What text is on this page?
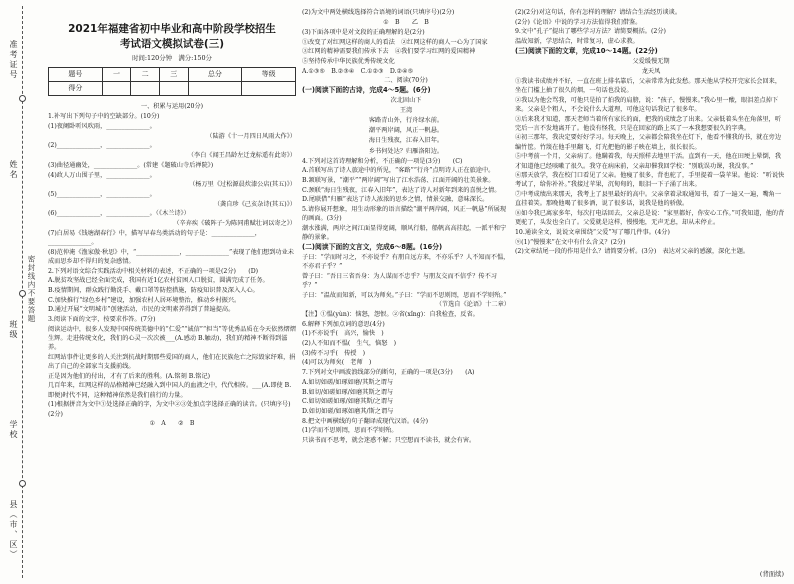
准考证号
姓名
班级
学校
县（市、区）
密封线内不要答题
2021年福建省初中毕业和高中阶段学校招生
考试语文模拟试卷(三)
时间:120分钟　满分:150分
题号	一	二	三	总分	等级
得分					
一、积累与运用(20分)
1.补写出下列句子中的空缺部分。(10分)
(1)夜阑卧听风吹雨，______________。
（陆游《十一月四日风雨大作》）
(2)______________，______________。
（李白《闻王昌龄左迁龙标遥有此寄》）
(3)曲径通幽处，______________。(常建《题破山寺后禅院》)
(4)政人万山围子里，______________。
（杨万里《过松源晨炊漆公店(其五)》）
(5)______________，______________。
（龚自珍《己亥杂诗(其五)》）
(6)______________，______________。（《木兰诗》）
（辛弃疾《破阵子·为陈同甫赋壮词以寄之》）
(7)白居易《钱塘湖春行》中，描写早春鸟类活动的句子是：______________，______________。
(8)范仲淹《渔家傲·秋思》中，“______________，______________”表现了他们想到功业未成而思乡却不得归的复杂感情。
2.下列对语文综合实践活动中相关材料的表述，不正确的一项是(2分)　　(D)
A.脱贫攻坚战已经全面完成，我国有近1亿农村贫困人口脱贫，圆满完成了任务。
B.疫情期间，群众践行勤洗手、戴口罩等防控措施，防疫知识普及深入人心。
C.加快推行“绿色乡村”建设，加强农村人居环境整治，推动乡村振兴。
D.通过开展“文明城市”创建活动，市民的文明素养得到了普遍提高。
3.阅读下面的文字，按要求作答。(7分)
阅读运动中，很多人发现中国传统美德中的“仁爱”“诚信”“担当”等优秀品质在今天依然熠熠生辉。走进传统文化，我们的心灵一次次被___(A.感动 B.触动)，我们的精神不断得到滋养。
红网站事件让更多的人关注到抗战时期那些爱国的商人，他们在民族危亡之际毁家纾难，捐出了自己的全部家当支援前线。
正是因为他们的付出，才有了后来的胜利。(A.铭刻 B.铭记)
几百年来，红网这样的品格精神已经融入到中国人的血液之中，代代相传。___(A.即使 B.即便)时代不同，这种精神依然是我们前行的力量。
(1)根据拼音为文中①处选择正确的字，为文中②③处加点字选择正确的读音。(只填序号)(2分)
①　A　　②　B
(2)为文中两处横线选择符合语境的词语(只填序号)(2分)
①　B　　乙　B
(3)下面各项中是对文段的正确理解的是(2分)
①改变了对红网这样的商人的看法　②红网这样的商人一心为了国家
③红网的精神需要我们传承下去　④我们要学习红网的爱国精神
⑤坚持传承中华民族优秀传统文化
A.①③⑤　B.②③④　C.①②③　D.②④⑤
二、阅读(70分)
(一)阅读下面的古诗，完成4～5题。(6分)
次北固山下
王湾
客路青山外，行舟绿水前。
潮平两岸阔，风正一帆悬。
海日生残夜，江春入旧年。
乡书何处达？归雁洛阳边。
4.下列对这首诗理解和分析，不正确的一项是(3分)　　(C)
A.首联写出了诗人旅途中的所见，“客路”“行舟”点明诗人正在旅途中。
B.颔联写景，“潮平”“两岸阔”写出了江水浩荡、江面开阔的壮美景象。
C.颈联“海日生残夜，江春入旧年”，表达了诗人对新年到来的喜悦之情。
D.尾联借“归雁”表达了诗人浓浓的思乡之情，情景交融，意味深长。
5.请你展开想象，用生动形象的语言描绘“潮平两岸阔，风正一帆悬”所展现的画面。(3分)
潮水涨满，两岸之间江面显得宽阔，顺风行船，船帆高高挂起，一派平和宁静的景象。
(二)阅读下面的文言文，完成6～8题。(16分)
子曰：“学而时习之，不亦说乎？有朋自远方来，不亦乐乎？人不知而不愠，不亦君子乎？”
曾子曰：“吾日三省吾身：为人谋而不忠乎？与朋友交而不信乎？传不习乎？”
子曰：“温故而知新，可以为师矣。”子曰：“学而不思则罔，思而不学则殆。”
（节选自《论语》十二章）
【注】①愠(yùn)：恼怒，怨恨。②省(xǐng)：自我检查，反省。
6.解释下列加点词的意思(4分)
(1)不亦说乎(　高兴，愉快　)
(2)人不知而不愠(　生气，恼怒　)
(3)传不习乎(　传授　)
(4)可以为师矣(　老师　)
7.下列对文中画波浪线部分的断句，正确的一项是(3分)　　(A)
A.如切如磋/如琢如磨/其斯之谓与
B.如切/如磋如琢/如磨其斯之谓与
C.如切如磋如琢/如磨其斯/之谓与
D.如切如磋/如琢如磨其/斯之谓与
8.把文中画横线的句子翻译成现代汉语。(4分)
(1)学而不思则罔，思而不学则殆。
只读书而不思考，就会迷惑不解；只空想而不读书，就会有害。
(2)(2分)对这句话，你有怎样的理解？请结合生活经历谈谈。
(2分)《论语》中说的学习方法值得我们借鉴。
9.文中“孔子”提出了哪些学习方法？请简要概括。(2分)
温故知新，学思结合，时常复习，虚心求教。
(三)阅读下面的文章，完成10～14题。(22分)
父爱缓慢无期
龙天凤
①我读书成绩并不好，一直在班上排名靠后，父亲常常为此发愁。那天他从学校开完家长会回来，坐在门槛上抽了很久的烟，一句话也没说。
②我以为他会骂我，可他只是拍了拍我的肩膀，说：“孩子，慢慢来。”我心里一酸，眼泪差点掉下来。父亲是个粗人，不会说什么大道理，可他这句话我记了很多年。
③后来我才知道，那天老师当着所有家长的面，把我的成绩念了出来。父亲低着头坐在角落里，听完后一言不发地离开了。他没有怪我，只是在回家的路上买了一本我想要很久的字典。
④初三那年，我决定要好好学习。每天晚上，父亲都会陪我坐在灯下，他看不懂我的书，就在旁边编竹筐。竹篾在他手里翻飞，灯光把他的影子映在墙上，很长很长。
⑤中考前一个月，父亲病了。他瞒着我，每天照样去地里干活。直到有一天，他在田埂上晕倒，我才知道他已经咳嗽了很久。我守在病床前，父亲却催我回学校：“别耽误功课，我没事。”
⑥那天放学，我在校门口看见了父亲。他瘦了很多，背也驼了，手里提着一袋苹果。他说：“听说快考试了，给你补补。”我接过苹果，沉甸甸的，眼泪一下子涌了出来。
⑦中考成绩出来那天，我考上了县里最好的高中。父亲拿着录取通知书，看了一遍又一遍，嘴角一直挂着笑。那晚他喝了很多酒，说了很多话，说我是他的骄傲。
⑧如今我已离家多年，每次打电话回去，父亲总是说：“家里都好，你安心工作。”可我知道，他的背更驼了，头发也全白了。父爱就是这样，慢慢地，无声无息，却从未停止。
10.通读全文，说说文章围绕“父爱”写了哪几件事。(4分)
⑨(1)“慢慢来”在文中有什么含义？(2分)
(2)文章结尾一段的作用是什么？请简要分析。(3分)　表达对父亲的感激，深化主题。
(背面续)
